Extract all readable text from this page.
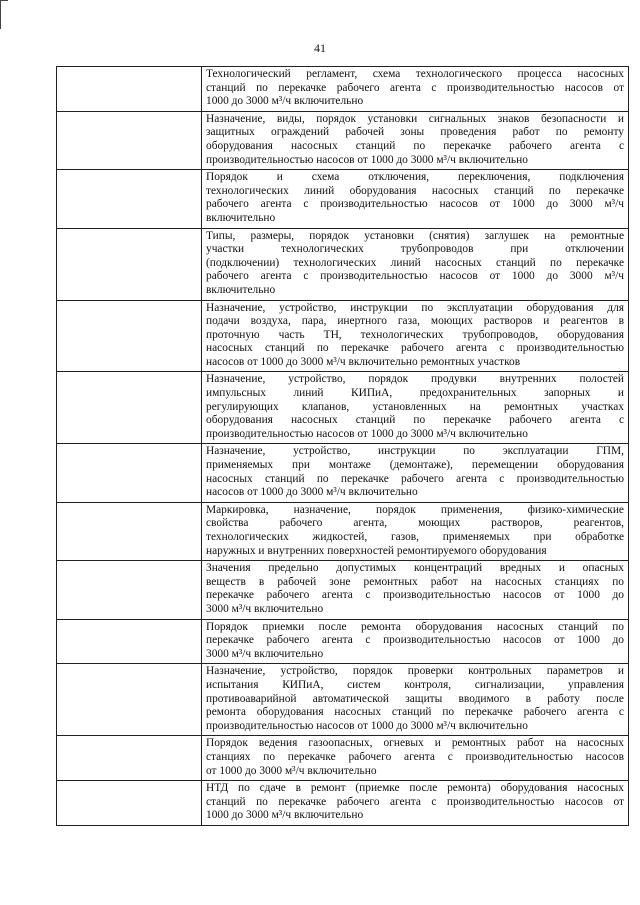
41

	Технологический регламент, схема технологического процесса насосных
станций по перекачке рабочего агента с производительностью насосов от
1000 до 3000 м³/ч включительно

	Назначение, виды, порядок установки сигнальных знаков безопасности и
защитных ограждений рабочей зоны проведения работ по ремонту
оборудования насосных станций по перекачке рабочего агента с
производительностью насосов от 1000 до 3000 м³/ч включительно

	Порядок и схема отключения, переключения, подключения
технологических линий оборудования насосных станций по перекачке
рабочего агента с производительностью насосов от 1000 до 3000 м³/ч
включительно

	Типы, размеры, порядок установки (снятия) заглушек на ремонтные
участки технологических трубопроводов при отключении
(подключении) технологических линий насосных станций по перекачке
рабочего агента с производительностью насосов от 1000 до 3000 м³/ч
включительно

	Назначение, устройство, инструкции по эксплуатации оборудования для
подачи воздуха, пара, инертного газа, моющих растворов и реагентов в
проточную часть ТН, технологических трубопроводов, оборудования
насосных станций по перекачке рабочего агента с производительностью
насосов от 1000 до 3000 м³/ч включительно ремонтных участков

	Назначение, устройство, порядок продувки внутренних полостей
импульсных линий КИПиА, предохранительных запорных и
регулирующих клапанов, установленных на ремонтных участках
оборудования насосных станций по перекачке рабочего агента с
производительностью насосов от 1000 до 3000 м³/ч включительно

	Назначение, устройство, инструкции по эксплуатации ГПМ,
применяемых при монтаже (демонтаже), перемещении оборудования
насосных станций по перекачке рабочего агента с производительностью
насосов от 1000 до 3000 м³/ч включительно

	Маркировка, назначение, порядок применения, физико-химические
свойства рабочего агента, моющих растворов, реагентов,
технологических жидкостей, газов, применяемых при обработке
наружных и внутренних поверхностей ремонтируемого оборудования

	Значения предельно допустимых концентраций вредных и опасных
веществ в рабочей зоне ремонтных работ на насосных станциях по
перекачке рабочего агента с производительностью насосов от 1000 до
3000 м³/ч включительно

	Порядок приемки после ремонта оборудования насосных станций по
перекачке рабочего агента с производительностью насосов от 1000 до
3000 м³/ч включительно

	Назначение, устройство, порядок проверки контрольных параметров и
испытания КИПиА, систем контроля, сигнализации, управления
противоаварийной автоматической защиты вводимого в работу после
ремонта оборудования насосных станций по перекачке рабочего агента с
производительностью насосов от 1000 до 3000 м³/ч включительно

	Порядок ведения газоопасных, огневых и ремонтных работ на насосных
станциях по перекачке рабочего агента с производительностью насосов
от 1000 до 3000 м³/ч включительно

	НТД по сдаче в ремонт (приемке после ремонта) оборудования насосных
станций по перекачке рабочего агента с производительностью насосов от
1000 до 3000 м³/ч включительно
